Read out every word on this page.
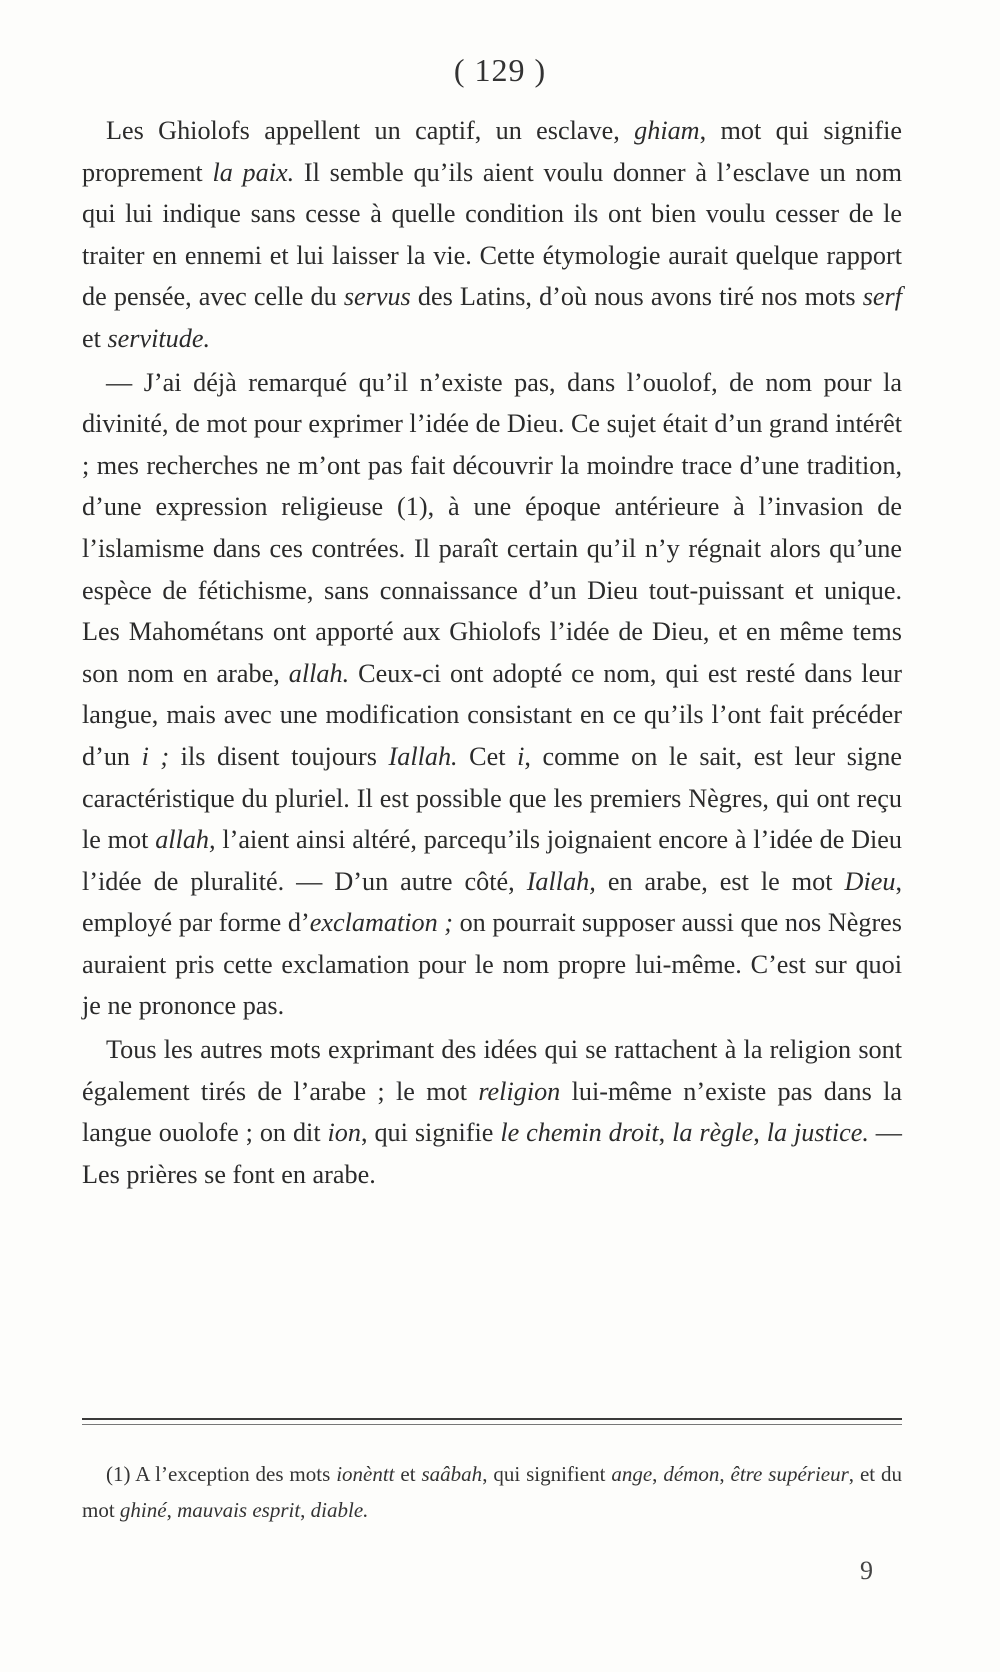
( 129 )

Les Ghiolofs appellent un captif, un esclave, ghiam, mot qui signifie proprement la paix. Il semble qu’ils aient voulu donner à l’esclave un nom qui lui indique sans cesse à quelle condition ils ont bien voulu cesser de le traiter en ennemi et lui laisser la vie. Cette étymologie aurait quelque rapport de pensée, avec celle du servus des Latins, d’où nous avons tiré nos mots serf et servitude.

— J’ai déjà remarqué qu’il n’existe pas, dans l’ouolof, de nom pour la divinité, de mot pour exprimer l’idée de Dieu. Ce sujet était d’un grand intérêt ; mes recherches ne m’ont pas fait découvrir la moindre trace d’une tradition, d’une expression religieuse (1), à une époque antérieure à l’invasion de l’islamisme dans ces contrées. Il paraît certain qu’il n’y régnait alors qu’une espèce de fétichisme, sans connaissance d’un Dieu tout-puissant et unique. Les Mahométans ont apporté aux Ghiolofs l’idée de Dieu, et en même tems son nom en arabe, allah. Ceux-ci ont adopté ce nom, qui est resté dans leur langue, mais avec une modification consistant en ce qu’ils l’ont fait précéder d’un i ; ils disent toujours Iallah. Cet i, comme on le sait, est leur signe caractéristique du pluriel. Il est possible que les premiers Nègres, qui ont reçu le mot allah, l’aient ainsi altéré, parcequ’ils joignaient encore à l’idée de Dieu l’idée de pluralité. — D’un autre côté, Iallah, en arabe, est le mot Dieu, employé par forme d’exclamation ; on pourrait supposer aussi que nos Nègres auraient pris cette exclamation pour le nom propre lui-même. C’est sur quoi je ne prononce pas.

Tous les autres mots exprimant des idées qui se rattachent à la religion sont également tirés de l’arabe ; le mot religion lui-même n’existe pas dans la langue ouolofe ; on dit ion, qui signifie le chemin droit, la règle, la justice. — Les prières se font en arabe.

(1) A l’exception des mots ionèntt et saâbah, qui signifient ange, démon, être supérieur, et du mot ghiné, mauvais esprit, diable.

9
